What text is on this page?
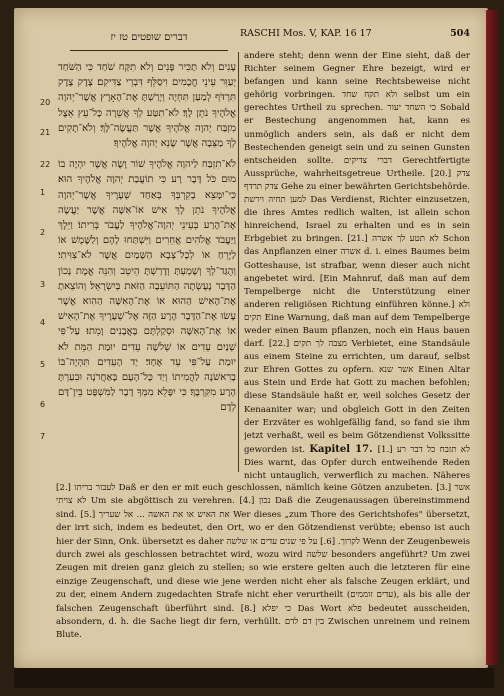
דברים שופטים טז יז	RASCHI Mos. V, KAP. 16 17	504
20
21
22
1
2
3
4
5
6
7

עָנִים וְלֹא תַכִּיר פָּנִים וְלֹא תִקַּח שֹׁחַד כִּי הַשֹּׁחַד יְעַוֵּר עֵינֵי חֲכָמִים וִיסַלֵּף דִּבְרֵי צַדִּיקִם׃ צֶדֶק צֶדֶק תִּרְדֹּף לְמַעַן תִּחְיֶה וְיָרַשְׁתָּ אֶת־הָאָרֶץ אֲשֶׁר־יְהוָה אֱלֹהֶיךָ נֹתֵן לָךְ׃ לֹא־תִטַּע לְךָ אֲשֵׁרָה כָּל־עֵץ אֵצֶל מִזְבַּח יְהוָה אֱלֹהֶיךָ אֲשֶׁר תַּעֲשֶׂה־לָּךְ׃ וְלֹא־תָקִים לְךָ מַצֵּבָה אֲשֶׁר שָׂנֵא יְהוָה אֱלֹהֶיךָ׃

לֹא־תִזְבַּח לַיהוָה אֱלֹהֶיךָ שׁוֹר וָשֶׂה אֲשֶׁר יִהְיֶה בוֹ מוּם כֹּל דָּבָר רָע כִּי תוֹעֲבַת יְהוָה אֱלֹהֶיךָ הוּא׃ כִּי־יִמָּצֵא בְקִרְבְּךָ בְּאַחַד שְׁעָרֶיךָ אֲשֶׁר־יְהוָה אֱלֹהֶיךָ נֹתֵן לָךְ אִישׁ אוֹ־אִשָּׁה אֲשֶׁר יַעֲשֶׂה אֶת־הָרַע בְּעֵינֵי יְהוָה־אֱלֹהֶיךָ לַעֲבֹר בְּרִיתוֹ׃ וַיֵּלֶךְ וַיַּעֲבֹד אֱלֹהִים אֲחֵרִים וַיִּשְׁתַּחוּ לָהֶם וְלַשֶּׁמֶשׁ אוֹ לַיָּרֵחַ אוֹ לְכָל־צְבָא הַשָּׁמַיִם אֲשֶׁר לֹא־צִוִּיתִי׃ וְהֻגַּד־לְךָ וְשָׁמָעְתָּ וְדָרַשְׁתָּ הֵיטֵב וְהִנֵּה אֱמֶת נָכוֹן הַדָּבָר נֶעֶשְׂתָה הַתּוֹעֵבָה הַזֹּאת בְּיִשְׂרָאֵל׃ וְהוֹצֵאתָ אֶת־הָאִישׁ הַהוּא אוֹ אֶת־הָאִשָּׁה הַהִוא אֲשֶׁר עָשׂוּ אֶת־הַדָּבָר הָרָע הַזֶּה אֶל־שְׁעָרֶיךָ אֶת־הָאִישׁ אוֹ אֶת־הָאִשָּׁה וּסְקַלְתָּם בָּאֲבָנִים וָמֵתוּ׃ עַל־פִּי שְׁנַיִם עֵדִים אוֹ שְׁלֹשָׁה עֵדִים יוּמַת הַמֵּת לֹא יוּמַת עַל־פִּי עֵד אֶחָד׃ יַד הָעֵדִים תִּהְיֶה־בּוֹ בָרִאשֹׁנָה לַהֲמִיתוֹ וְיַד כָּל־הָעָם בָּאַחֲרֹנָה וּבִעַרְתָּ הָרָע מִקִּרְבֶּךָ׃ כִּי יִפָּלֵא מִמְּךָ דָבָר לַמִּשְׁפָּט בֵּין־דָּם לְדָם

andere steht; denn wenn der Eine sieht, daß der Richter seinem Gegner Ehre bezeigt, wird er befangen und kann seine Rechtsbeweise nicht gehörig vorbringen. ולא תקח שחד selbst um ein gerechtes Urtheil zu sprechen. כי השחד יעור Sobald er Bestechung angenommen hat, kann es unmöglich anders sein, als daß er nicht dem Bestechenden geneigt sein und zu seinen Gunsten entscheiden sollte. דברי צדיקים Gerechtfertigte Aussprüche, wahrheitsgetreue Urtheile. [20.] צדק צדק תרדף Gehe zu einer bewährten Gerichtsbehörde. למען תחיה וירשת Das Verdienst, Richter einzusetzen, die ihres Amtes redlich walten, ist allein schon hinreichend, Israel zu erhalten und es in sein Erbgebiet zu bringen. [21.] לא תטע לך אשרה Schon das Anpflanzen einer אשרה d. i. eines Baumes beim Gotteshause, ist strafbar, wenn dieser auch nicht angebetet wird. [Ein Mahnruf, daß man auf dem Tempelberge nicht die Unterstützung einer anderen religiösen Richtung einführen könne.] ולא תקים Eine Warnung, daß man auf dem Tempelberge weder einen Baum pflanzen, noch ein Haus bauen darf. [22.] מצבה לך תקים Verbietet, eine Standsäule aus einem Steine zu errichten, um darauf, selbst zur Ehren Gottes zu opfern. אשר שנא Einen Altar aus Stein und Erde hat Gott zu machen befohlen; diese Standsäule haßt er, weil solches Gesetz der Kenaaniter war; und obgleich Gott in den Zeiten der Erzväter es wohlgefällig fand, so fand sie ihm jetzt verhaßt, weil es beim Götzendienst Volkssitte geworden ist. Kapitel 17. [1.] לא תזבח כל דבר רע Dies warnt, das Opfer durch entweihende Reden nicht untauglich, verwerflich zu machen. Näheres
[2.] לעבור בריתו Daß er den er mit euch geschlossen, nämlich keine Götzen anzubeten. [3.] אשר לא צויתי Um sie abgöttisch zu verehren. [4.] נכון Daß die Zeugenaussagen übereinstimmend sind. [5.] את האיש או את האשה ... אל שעריך Wer dieses „zum Thore des Gerichtshofes" übersetzt, der irrt sich, indem es bedeutet, den Ort, wo er den Götzendienst verübte; ebenso ist auch hier der Sinn, Onk. übersetzt es daher לקרוך. [6.] על פי שנים עדים או שלשה Wenn der Zeugenbeweis durch zwei als geschlossen betrachtet wird, wozu wird שלשה besonders angeführt? Um zwei Zeugen mit dreien ganz gleich zu stellen; so wie erstere gelten auch die letzteren für eine einzige Zeugenschaft, und diese wie jene werden nicht eher als falsche Zeugen erklärt, und zu der, einem Andern zugedachten Strafe nicht eher verurtheilt (עדים זוממים), als bis alle der falschen Zeugenschaft überführt sind. [8.] כי יפלא Das Wort פלא bedeutet ausscheiden, absondern, d. h. die Sache liegt dir fern, verhüllt. בין דם לדם Zwischen unreinem und reinem Blute.
